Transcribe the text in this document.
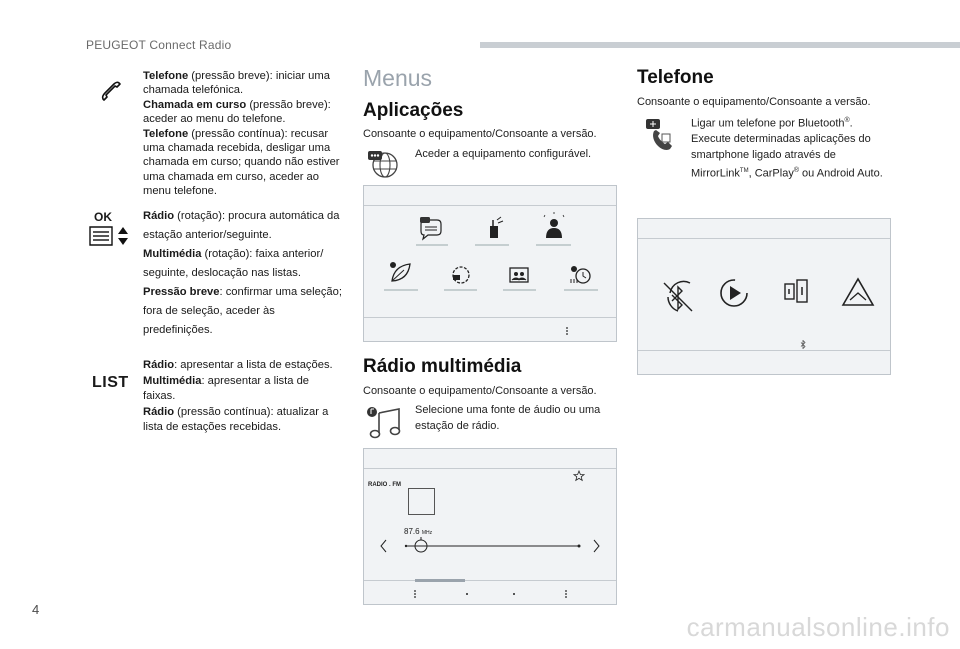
PEUGEOT Connect Radio
Telefone (pressão breve): iniciar uma chamada telefónica.
Chamada em curso (pressão breve): aceder ao menu do telefone.
Telefone (pressão contínua): recusar uma chamada recebida, desligar uma chamada em curso; quando não estiver uma chamada em curso, aceder ao menu telefone.
OK	Rádio (rotação): procura automática da estação anterior/seguinte.
Multimédia (rotação): faixa anterior/ seguinte, deslocação nas listas.
Pressão breve: confirmar uma seleção; fora de seleção, aceder às predefinições.
LIST
Rádio: apresentar a lista de estações.
Multimédia: apresentar a lista de faixas.
Rádio (pressão contínua): atualizar a lista de estações recebidas.
Menus
Aplicações
Consoante o equipamento/Consoante a versão.
Aceder a equipamento configurável.
Rádio multimédia
Consoante o equipamento/Consoante a versão.
Selecione uma fonte de áudio ou uma estação de rádio.
RADIO . FM
87.6 MHz
Telefone
Consoante o equipamento/Consoante a versão.
Ligar um telefone por Bluetooth®. Execute determinadas aplicações do smartphone ligado através de MirrorLink™, CarPlay® ou Android Auto.
4
carmanualsonline.info
